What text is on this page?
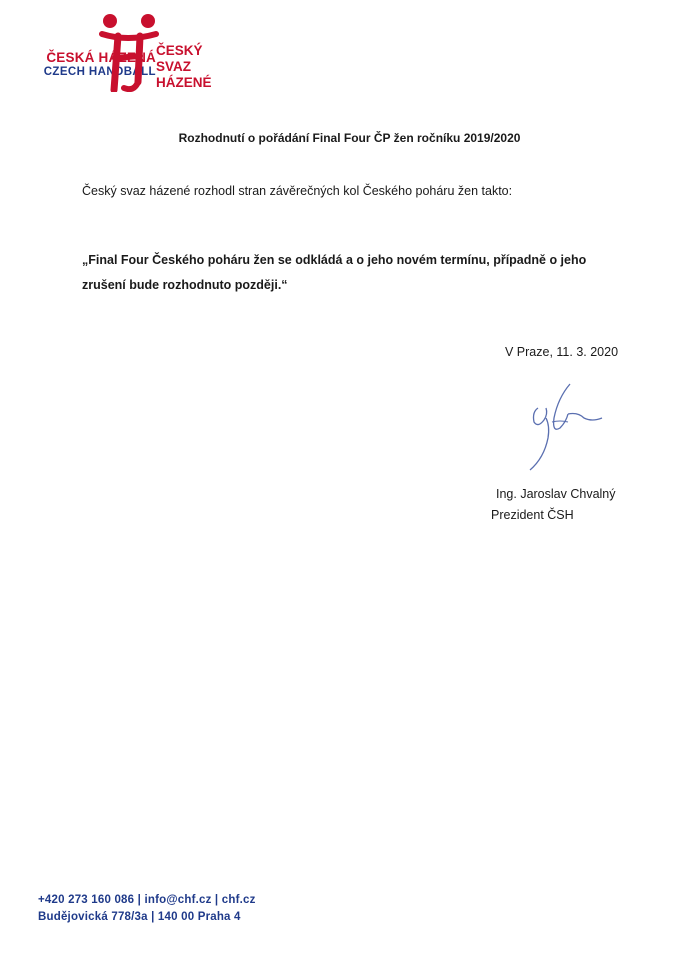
ČESKÁ HÁZENÁ
CZECH HANDBALL
ČESKÝ SVAZ
HÁZENÉ
Rozhodnutí o pořádání Final Four ČP žen ročníku 2019/2020
Český svaz házené rozhodl stran závěrečných kol Českého poháru žen takto:
„Final Four Českého poháru žen se odkládá a o jeho novém termínu, případně o jeho zrušení bude rozhodnuto později.“
V Praze, 11. 3. 2020
Ing. Jaroslav Chvalný
Prezident ČSH
+420 273 160 086 | info@chf.cz | chf.cz
Budějovická 778/3a | 140 00 Praha 4
